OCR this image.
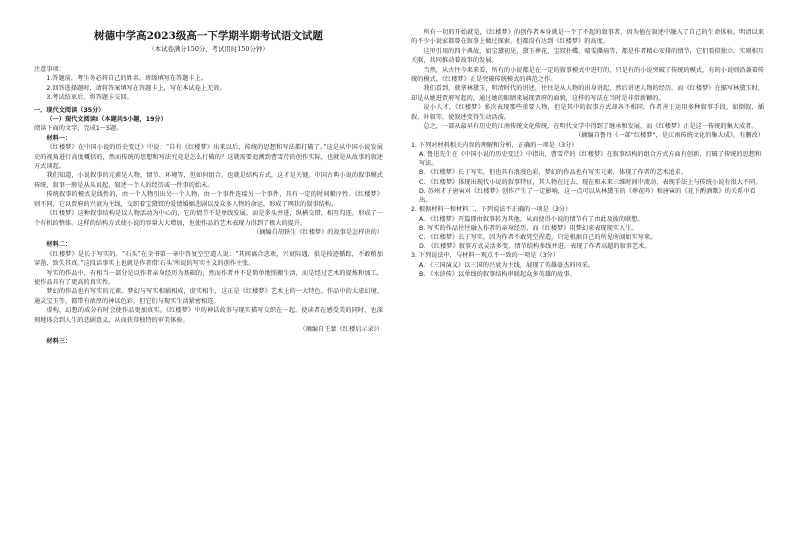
树德中学高2023级高一下学期半期考试语文试题

（本试卷满分150分，考试用时150分钟）

注意事项：

1.答题前，考生务必将自己的姓名、班级填写在答题卡上。

2.回答选择题时，请将答案填写在答题卡上，写在本试卷上无效。

3.考试结束后，将答题卡交回。

一、现代文阅读（35分）

（一）现代文阅读Ⅰ（本题共5小题，19分）

阅读下面的文字，完成1～5题。

材料一：

《红楼梦》在中国小说的历史变迁》中说：“自有《红楼梦》出来以后，传统的思想和写法都打破了。”这是从中国小说发展史的视角进行高度概括的，然而传统的思想和写法究竟是怎么打破的？这就需要追溯到曹雪芹的创作实际，也就是从故事的叙述方式谈起。

我们知道，小说叙事的元素是人物、情节、环境等，但如何组合，也就是结构方式，这才是关键。中国古典小说的叙事模式传统，叙事一般是从头说起，叙述一个人的经历或一件事的始末。

传统叙事的模式是线性的，由一个人物引出另一个人物，由一个事件连接另一个事件，具有一定的时间顺序性。《红楼梦》则不同，它以贾府的兴衰为主线，交织着宝黛钗的爱情婚姻悲剧以及众多人物的命运，形成了网状的叙事结构。

《红楼梦》这种叙事结构是以人物活动为中心的，它的情节不是单线发展，而是多头并进，纵横交错，相互勾连，形成了一个有机的整体。这样的结构方式使小说的容量大大增加，也使作品的艺术表现力得到了极大的提升。

（摘编自胡铁生《红楼梦》的故事是怎样讲的）

材料二：

《红楼梦》是长于写实的。“石头”在全书第一章中答复空空道人说：“其间离合悲欢，兴衰际遇，俱是按迹循踪，不敢稍加穿凿，致失其真。”这段话事实上也就是作者借‘石头’所说的写实主义的创作主张。

写实的作品中，有相当一部分是以作者亲身经历为基础的，然而作者并不是简单地照搬生活，而是经过艺术的提炼和加工，使作品具有了更高的真实性。

梦幻的作品也有写实的元素。梦幻与写实相辅相成，虚实相生，这正是《红楼梦》艺术上的一大特色。作品中的太虚幻境、通灵宝玉等，都带有浓厚的神话色彩，但它们与现实生活紧密相连。

虚构，幻想的成分有时会使作品更加真实。《红楼梦》中的神话故事与现实描写交织在一起，使读者在感受美的同时，也深刻地体会到人生的悲剧意义，从而获得独特的审美体验。

（摘编自王蒙《红楼启示录》）

材料三：

所有一切的开始就是，《红楼梦》的创作者本身就是一个了不起的叙事者，因为他在叙述中融入了自己的生命体验。明清以来的不少小说家都曾在叙事上做过探索，但都没有达到《红楼梦》的高度。

这里引用的四个典故，如宝黛初见、黛玉葬花、宝钗扑蝶、晴雯撕扇等，都是作者精心安排的情节，它们看似独立，实则相互关联，共同推动着故事的发展。

当然，从古往今来来看，所有的小说都是在一定的叙事模式中进行的，只是有的小说突破了传统的模式，有的小说则沿袭着传统的模式。《红楼梦》正是突破传统模式的典范之作。

我们看到，就拿林黛玉，明清时代的讲述，往往是从人物的出身讲起，然后讲述人物的经历。而《红楼梦》在描写林黛玉时，却是从她进贾府写起的，通过她的眼睛来展现贾府的面貌，这样的写法在当时是非常新颖的。

说小人才，《红楼梦》多次表现那些重要人物，但是其中的叙事方式却各不相同。作者善于运用多种叙事手段，如倒叙、插叙、补叙等，使叙述变得生动活泼。

总之，一部从最早有历史的江南传统文化传统，在明代文学中得到了继承和发展，而《红楼梦》正是这一传统的集大成者。

（摘编自鲁丹《一部“红楼梦”，是江南传统文化的集大成》，有删改）

1. 下列对材料相关内容的理解和分析，正确的一项是（3分）
A. 鲁迅先生在《中国小说的历史变迁》中指出，曹雪芹的《红楼梦》在叙事结构的组合方式方面有创新，打破了传统的思想和写法。
B. 《红楼梦》长于写实，但也具有浪漫色彩，梦幻的作品也有写实元素，体现了作者的艺术追求。
C. 《红楼梦》体现出现代小说的叙事特征，其人物在过去、现在和未来三维时间中流动，表现手法上与传统小说有很大不同。
D. 苏州才子唐寅对《红楼梦》创作产生了一定影响，这一点可以从林黛玉的《葬花吟》和唐寅的《花下酌酒歌》的关系中看出。
2. 根据材料一和材料二，下列说法不正确的一项是（3分）
A. 《红楼梦》开篇即由叙事转为其他，从而使得小说的情节有了由此及彼的联想。
B. 写实的作品往往融入作者的亲身经历，而《红楼梦》用梦幻来表现现实人生。
C. 《红楼梦》长于写实，因为作者不敢凭空捏造，只是根据自己的所见所闻如实写来。
D. 《红楼梦》叙事方式灵活多变，情节结构多线并进，表现了作者高超的叙事艺术。
3. 下列说法中，与材料一观点不一致的一项是（3分）
A. 《三国演义》以三国的兴衰为主线，展现了英雄豪杰的风采。
B. 《水浒传》以单线的叙事结构串联起众多英雄的故事。
